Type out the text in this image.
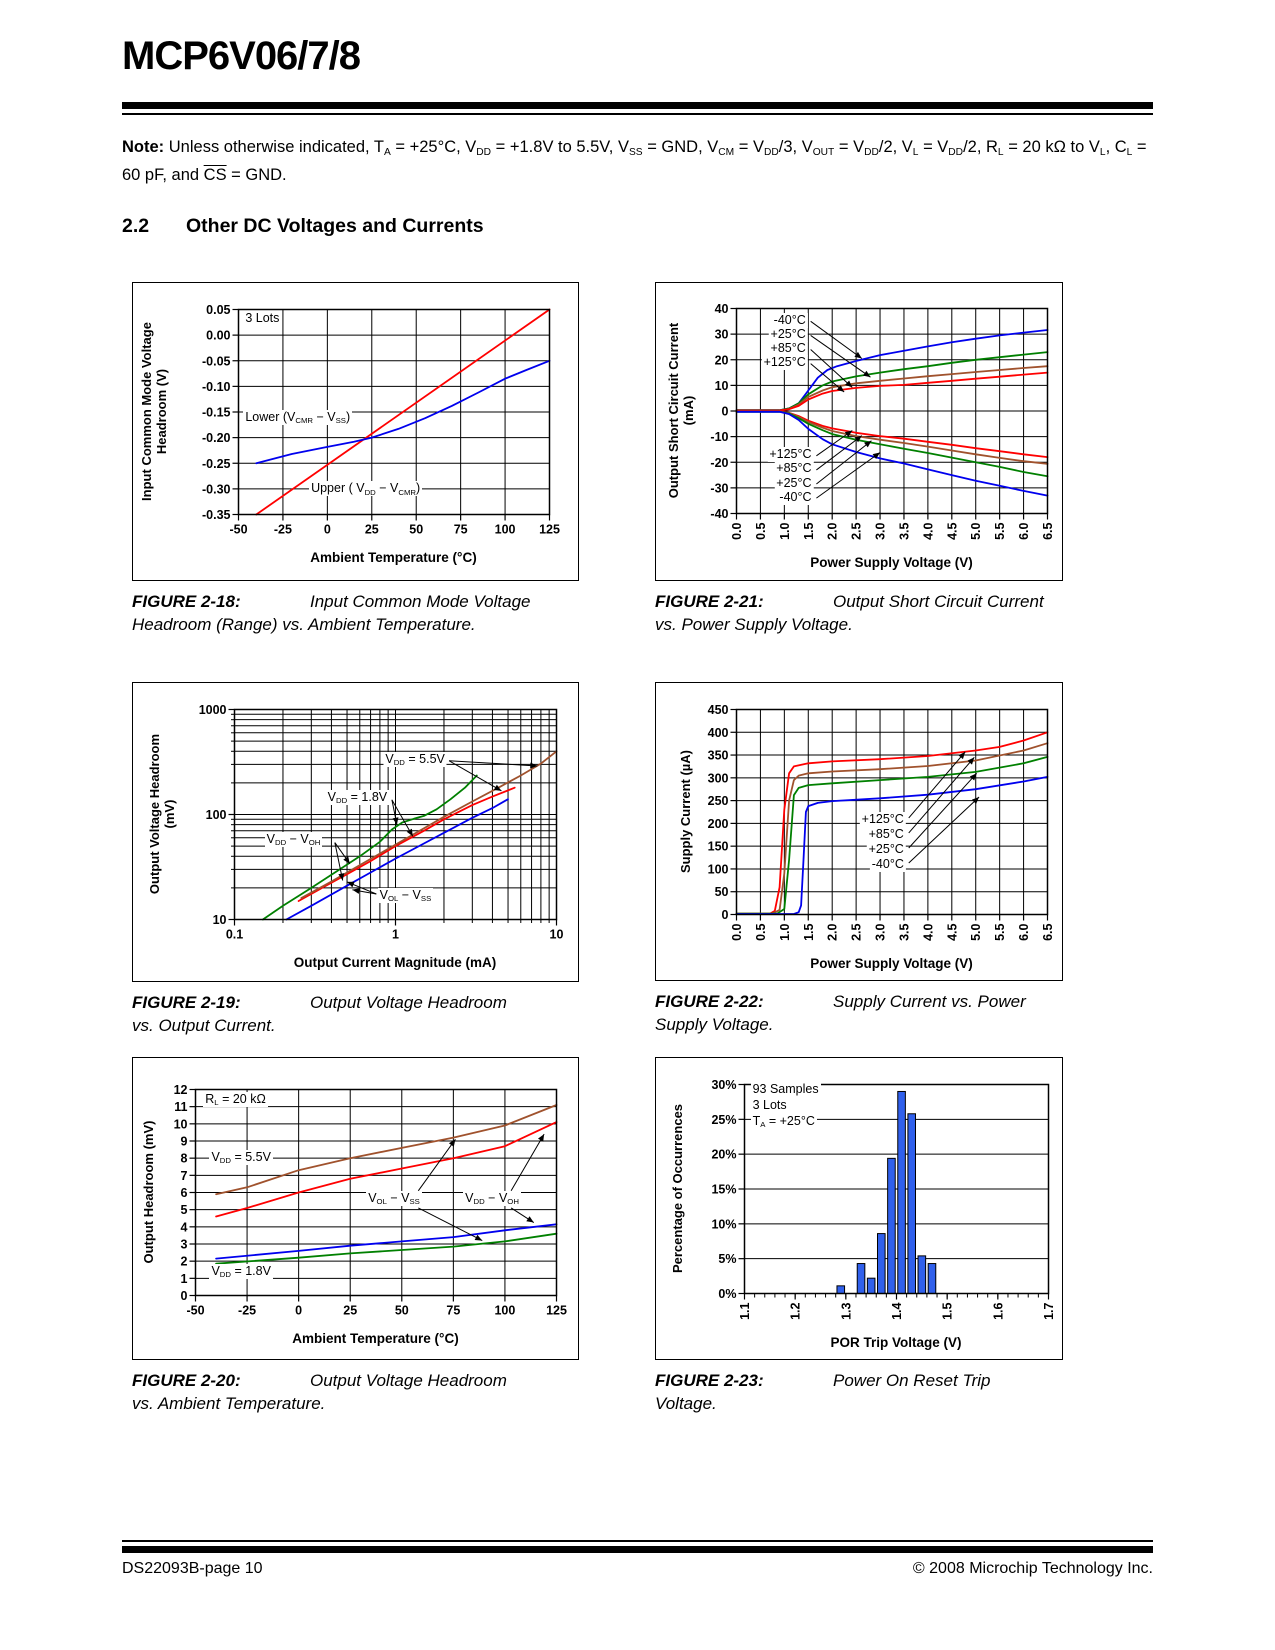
MCP6V06/7/8
Note: Unless otherwise indicated, $T_A = +25^\circ C$, $V_{DD} = +1.8V$ to 5.5V, $V_{SS}$ = GND, $V_{CM} = V_{DD}/3$, $V_{OUT} = V_{DD}/2$, $V_L = V_{DD}/2$, $R_L = 20$ kΩ to $V_L$, $C_L = 60$ pF, and $\overline{CS}$ = GND.
2.2 Other DC Voltages and Currents
-50 -25	0	25 50 75 100 125
0.05
0.00
-0.05
-0.10
-0.15
-0.20
-0.25
-0.30
-0.35
Input Common Mode Voltage
Headroom (V)
Ambient Temperature (°C)
3 Lots
Lower $(V_{CMR} - V_{SS})$
Upper ( $V_{DD} - V_{CMR}$)
0.0 0.5 1.0 1.5 2.0 2.5 3.0 3.5 4.0 4.5 5.0 5.5 6.0 6.5
40
30
20
10
0
-10
-20
-30
-40
Output Short Circuit Current
(mA)
Power Supply Voltage (V)
-40°C
+25°C
+85°C
+125°C
+125°C
+85°C
+25°C
-40°C
0.1	1	10
10
100
1000
Output Voltage Headroom
(mV)
Output Current Magnitude (mA)
$V_{DD} = 5.5V$
$V_{DD} = 1.8V$
$V_{DD} - V_{OH}$
$V_{OL} - V_{SS}$
0.0 0.5 1.0 1.5 2.0 2.5 3.0 3.5 4.0 4.5 5.0 5.5 6.0 6.5
450
400
350
300
250
200
150
100
50
0
Supply Current (µA)
Power Supply Voltage (V)
+125°C
+85°C
+25°C
-40°C
-50	-25	0	25	50	75	100 125
12
11
10
9
8
7
6
5
4
3
2
1
0
Output Headroom (mV)
Ambient Temperature (°C)
$R_L = 20$ kΩ
$V_{DD} = 5.5V$
$V_{OL} - V_{SS}$	$V_{DD} - V_{OH}$
$V_{DD} = 1.8V$
1.1	1.2	1.3	1.4	1.5	1.6	1.7
30%
25%
20%
15%
10%
5%
0%
Percentage of Occurrences
POR Trip Voltage (V)
93 Samples
3 Lots
$T_A = +25^\circ C$
FIGURE 2-18:	Input Common Mode Voltage Headroom (Range) vs. Ambient Temperature.
FIGURE 2-21:	Output Short Circuit Current vs. Power Supply Voltage.
FIGURE 2-19:	Output Voltage Headroom vs. Output Current.
FIGURE 2-22:	Supply Current vs. Power Supply Voltage.
FIGURE 2-20:	Output Voltage Headroom vs. Ambient Temperature.
FIGURE 2-23:	Power On Reset Trip Voltage.
DS22093B-page 10	© 2008 Microchip Technology Inc.
